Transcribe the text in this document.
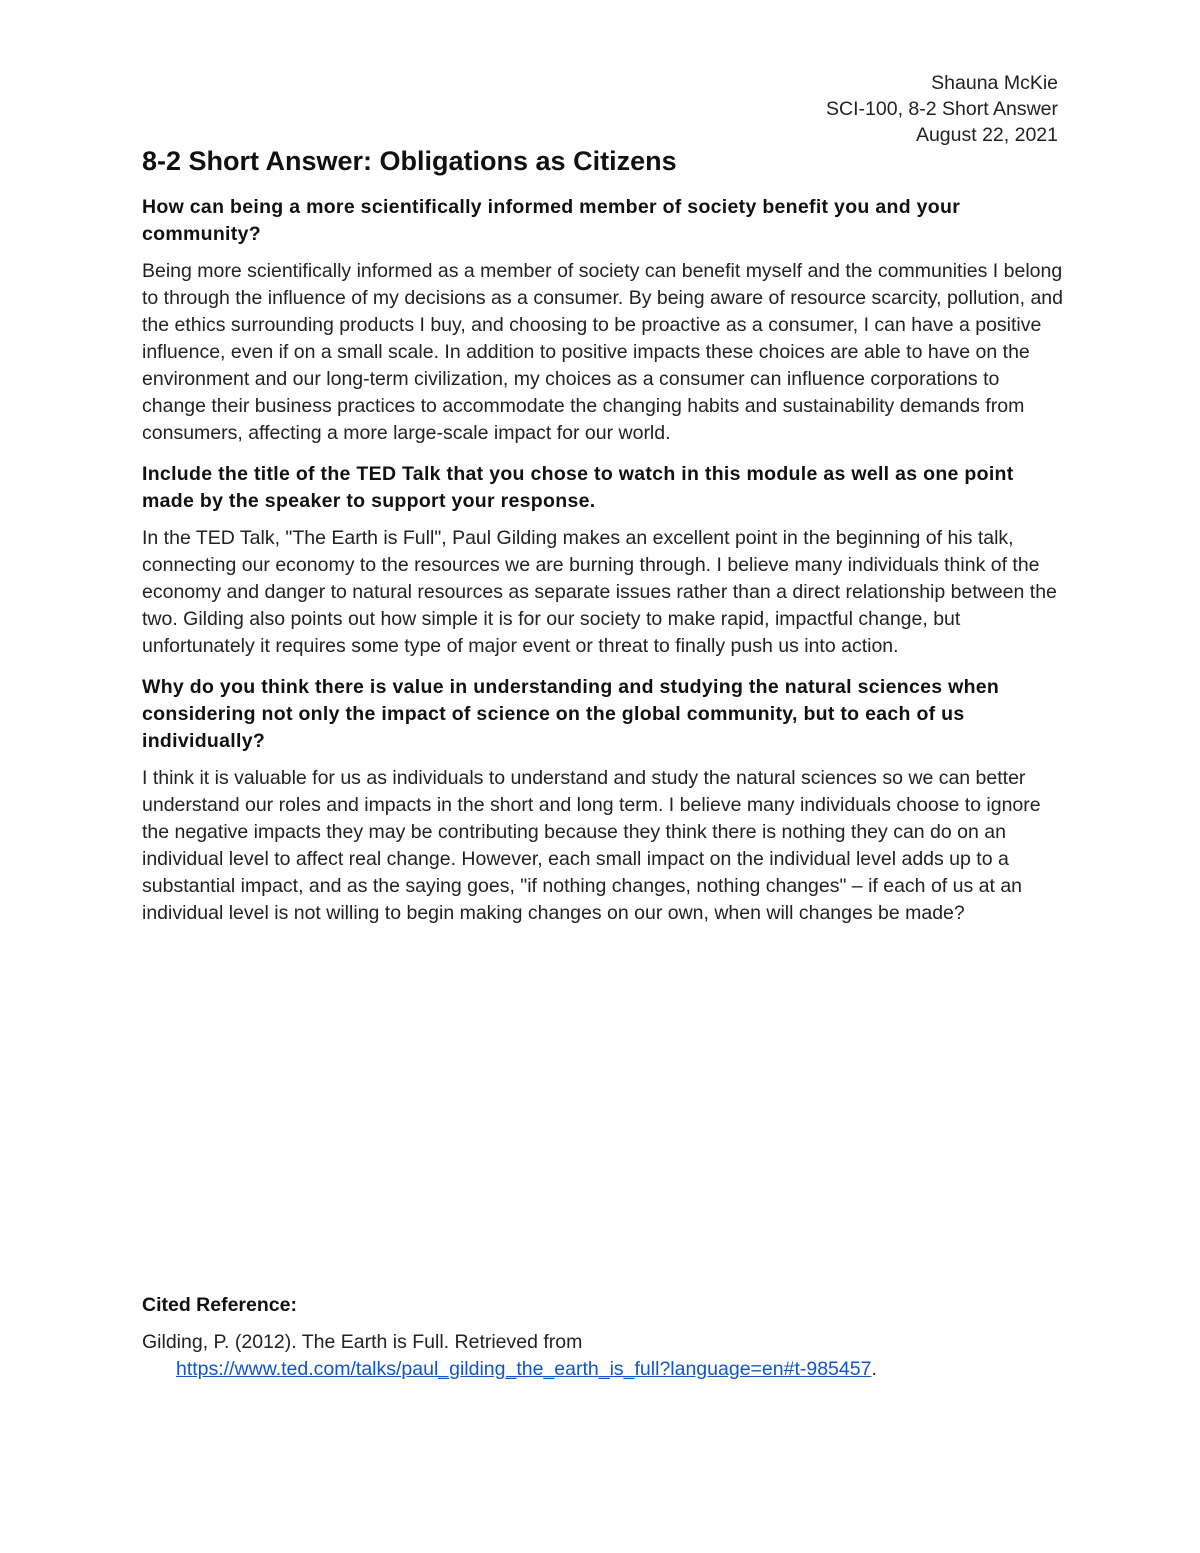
Shauna McKie
SCI-100, 8-2 Short Answer
August 22, 2021
8-2 Short Answer: Obligations as Citizens

How can being a more scientifically informed member of society benefit you and your community?

Being more scientifically informed as a member of society can benefit myself and the communities I belong to through the influence of my decisions as a consumer. By being aware of resource scarcity, pollution, and the ethics surrounding products I buy, and choosing to be proactive as a consumer, I can have a positive influence, even if on a small scale. In addition to positive impacts these choices are able to have on the environment and our long-term civilization, my choices as a consumer can influence corporations to change their business practices to accommodate the changing habits and sustainability demands from consumers, affecting a more large-scale impact for our world.

Include the title of the TED Talk that you chose to watch in this module as well as one point made by the speaker to support your response.

In the TED Talk, "The Earth is Full", Paul Gilding makes an excellent point in the beginning of his talk, connecting our economy to the resources we are burning through. I believe many individuals think of the economy and danger to natural resources as separate issues rather than a direct relationship between the two. Gilding also points out how simple it is for our society to make rapid, impactful change, but unfortunately it requires some type of major event or threat to finally push us into action.

Why do you think there is value in understanding and studying the natural sciences when considering not only the impact of science on the global community, but to each of us individually?

I think it is valuable for us as individuals to understand and study the natural sciences so we can better understand our roles and impacts in the short and long term. I believe many individuals choose to ignore the negative impacts they may be contributing because they think there is nothing they can do on an individual level to affect real change. However, each small impact on the individual level adds up to a substantial impact, and as the saying goes, "if nothing changes, nothing changes" – if each of us at an individual level is not willing to begin making changes on our own, when will changes be made?

Cited Reference:

Gilding, P. (2012). The Earth is Full. Retrieved from
https://www.ted.com/talks/paul_gilding_the_earth_is_full?language=en#t-985457.
